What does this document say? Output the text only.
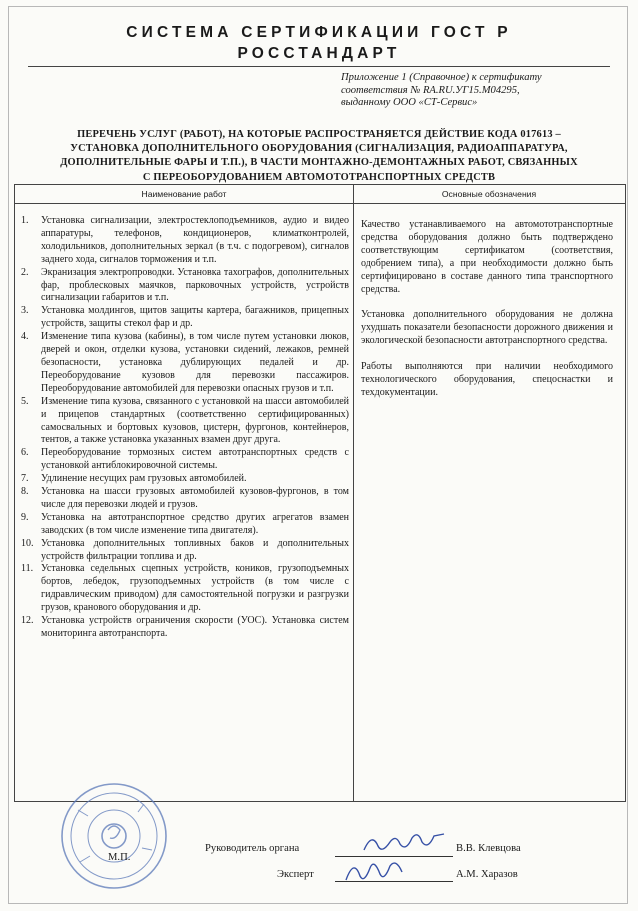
СИСТЕМА СЕРТИФИКАЦИИ ГОСТ Р
РОССТАНДАРТ
Приложение 1 (Справочное) к сертификату
соответствия № RA.RU.УГ15.М04295,
выданному ООО «СТ-Сервис»
ПЕРЕЧЕНЬ УСЛУГ (РАБОТ), НА КОТОРЫЕ РАСПРОСТРАНЯЕТСЯ ДЕЙСТВИЕ КОДА 017613 –
УСТАНОВКА ДОПОЛНИТЕЛЬНОГО ОБОРУДОВАНИЯ (СИГНАЛИЗАЦИЯ, РАДИОАППАРАТУРА,
ДОПОЛНИТЕЛЬНЫЕ ФАРЫ И Т.П.), В ЧАСТИ МОНТАЖНО-ДЕМОНТАЖНЫХ РАБОТ, СВЯЗАННЫХ
С ПЕРЕОБОРУДОВАНИЕМ АВТОМОТОТРАНСПОРТНЫХ СРЕДСТВ
Наименование работ	Основные обозначения
1.	Установка сигнализации, электростеклоподъемников, аудио и видео аппаратуры, телефонов, кондиционеров, климатконтролей, холодильников, дополнительных зеркал (в т.ч. с подогревом), сигналов заднего хода, сигналов торможения и т.п.
2.	Экранизация электропроводки. Установка тахографов, дополнительных фар, проблесковых маячков, парковочных устройств, устройств сигнализации габаритов и т.п.
3.	Установка молдингов, щитов защиты картера, багажников, прицепных устройств, защиты стекол фар и др.
4.	Изменение типа кузова (кабины), в том числе путем установки люков, дверей и окон, отделки кузова, установки сидений, лежаков, ремней безопасности, установка дублирующих педалей и др. Переоборудование кузовов для перевозки пассажиров. Переоборудование автомобилей для перевозки опасных грузов и т.п.
5.	Изменение типа кузова, связанного с установкой на шасси автомобилей и прицепов стандартных (соответственно сертифицированных) самосвальных и бортовых кузовов, цистерн, фургонов, контейнеров, тентов, а также установка указанных взамен друг друга.
6.	Переоборудование тормозных систем автотранспортных средств с установкой антиблокировочной системы.
7.	Удлинение несущих рам грузовых автомобилей.
8.	Установка на шасси грузовых автомобилей кузовов-фургонов, в том числе для перевозки людей и грузов.
9.	Установка на автотранспортное средство других агрегатов взамен заводских (в том числе изменение типа двигателя).
10. Установка дополнительных топливных баков и дополнительных устройств фильтрации топлива и др.
11. Установка седельных сцепных устройств, коников, грузоподъемных бортов, лебедок, грузоподъемных устройств (в том числе с гидравлическим приводом) для самостоятельной погрузки и разгрузки грузов, кранового оборудования и др.
12. Установка устройств ограничения скорости (УОС). Установка систем мониторинга автотранспорта.

Качество устанавливаемого на автомототранспортные средства оборудования должно быть подтверждено соответствующим сертификатом (соответствия, одобрением типа), а при необходимости должно быть сертифицировано в составе данного типа транспортного средства.

Установка дополнительного оборудования не должна ухудшать показатели безопасности дорожного движения и экологической безопасности автотранспортного средства.

Работы выполняются при наличии необходимого технологического оборудования, спецоснастки и техдокументации.

Руководитель органа	В.В. Клевцова
М.П.
Эксперт	А.М. Харазов
